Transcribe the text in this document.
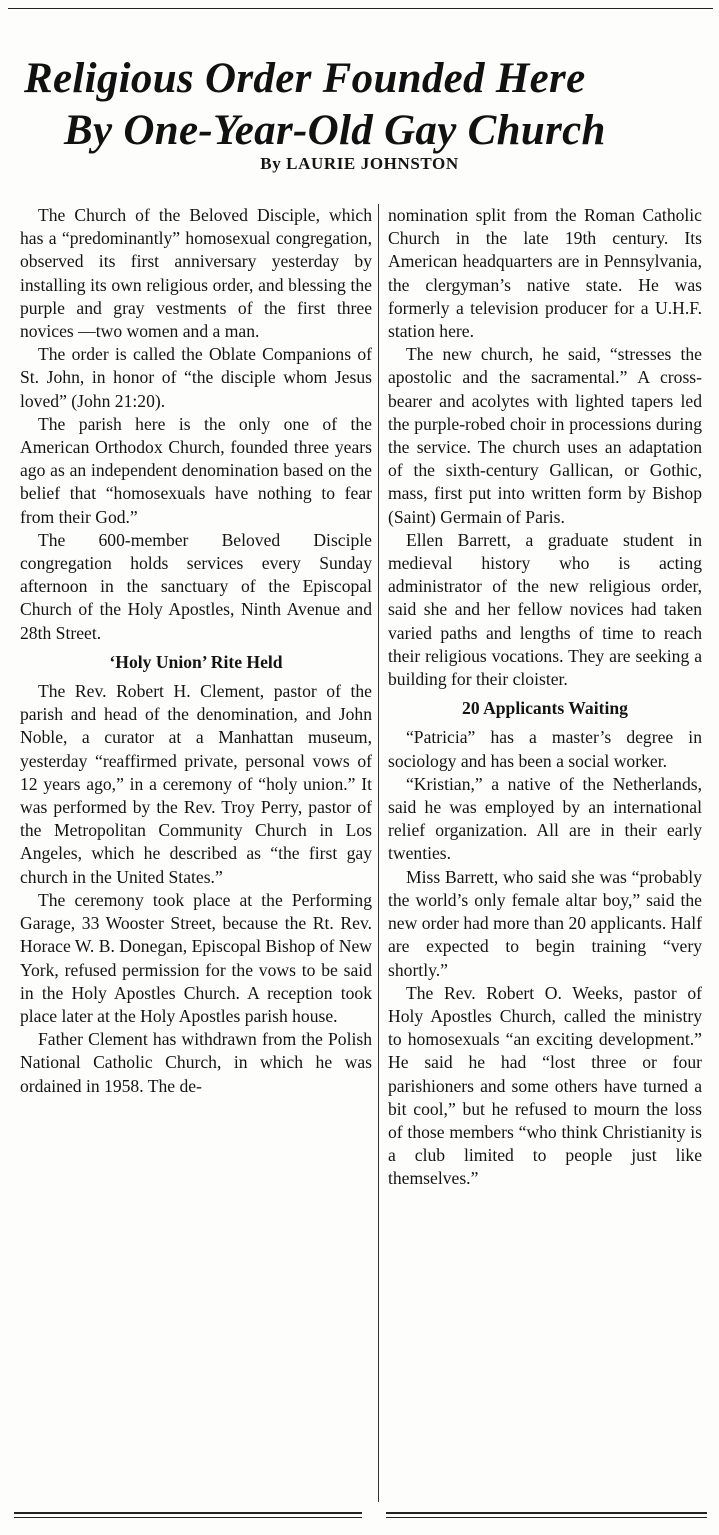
Religious Order Founded Here
By One-Year-Old Gay Church
By LAURIE JOHNSTON

The Church of the Beloved Disciple, which has a “predominantly” homosexual congregation, observed its first anniversary yesterday by installing its own religious order, and blessing the purple and gray vestments of the first three novices —two women and a man.

The order is called the Oblate Companions of St. John, in honor of “the disciple whom Jesus loved” (John 21:20).

The parish here is the only one of the American Orthodox Church, founded three years ago as an independent denomination based on the belief that “homosexuals have nothing to fear from their God.”

The 600-member Beloved Disciple congregation holds services every Sunday afternoon in the sanctuary of the Episcopal Church of the Holy Apostles, Ninth Avenue and 28th Street.

‘Holy Union’ Rite Held

The Rev. Robert H. Clement, pastor of the parish and head of the denomination, and John Noble, a curator at a Manhattan museum, yesterday “reaffirmed private, personal vows of 12 years ago,” in a ceremony of “holy union.” It was performed by the Rev. Troy Perry, pastor of the Metropolitan Community Church in Los Angeles, which he described as “the first gay church in the United States.”

The ceremony took place at the Performing Garage, 33 Wooster Street, because the Rt. Rev. Horace W. B. Donegan, Episcopal Bishop of New York, refused permission for the vows to be said in the Holy Apostles Church. A reception took place later at the Holy Apostles parish house.

Father Clement has withdrawn from the Polish National Catholic Church, in which he was ordained in 1958. The de-

nomination split from the Roman Catholic Church in the late 19th century. Its American headquarters are in Pennsylvania, the clergyman’s native state. He was formerly a television producer for a U.H.F. station here.

The new church, he said, “stresses the apostolic and the sacramental.” A cross-bearer and acolytes with lighted tapers led the purple-robed choir in processions during the service. The church uses an adaptation of the sixth-century Gallican, or Gothic, mass, first put into written form by Bishop (Saint) Germain of Paris.

Ellen Barrett, a graduate student in medieval history who is acting administrator of the new religious order, said she and her fellow novices had taken varied paths and lengths of time to reach their religious vocations. They are seeking a building for their cloister.

20 Applicants Waiting

“Patricia” has a master’s degree in sociology and has been a social worker.

“Kristian,” a native of the Netherlands, said he was employed by an international relief organization. All are in their early twenties.

Miss Barrett, who said she was “probably the world’s only female altar boy,” said the new order had more than 20 applicants. Half are expected to begin training “very shortly.”

The Rev. Robert O. Weeks, pastor of Holy Apostles Church, called the ministry to homosexuals “an exciting development.” He said he had “lost three or four parishioners and some others have turned a bit cool,” but he refused to mourn the loss of those members “who think Christianity is a club limited to people just like themselves.”
